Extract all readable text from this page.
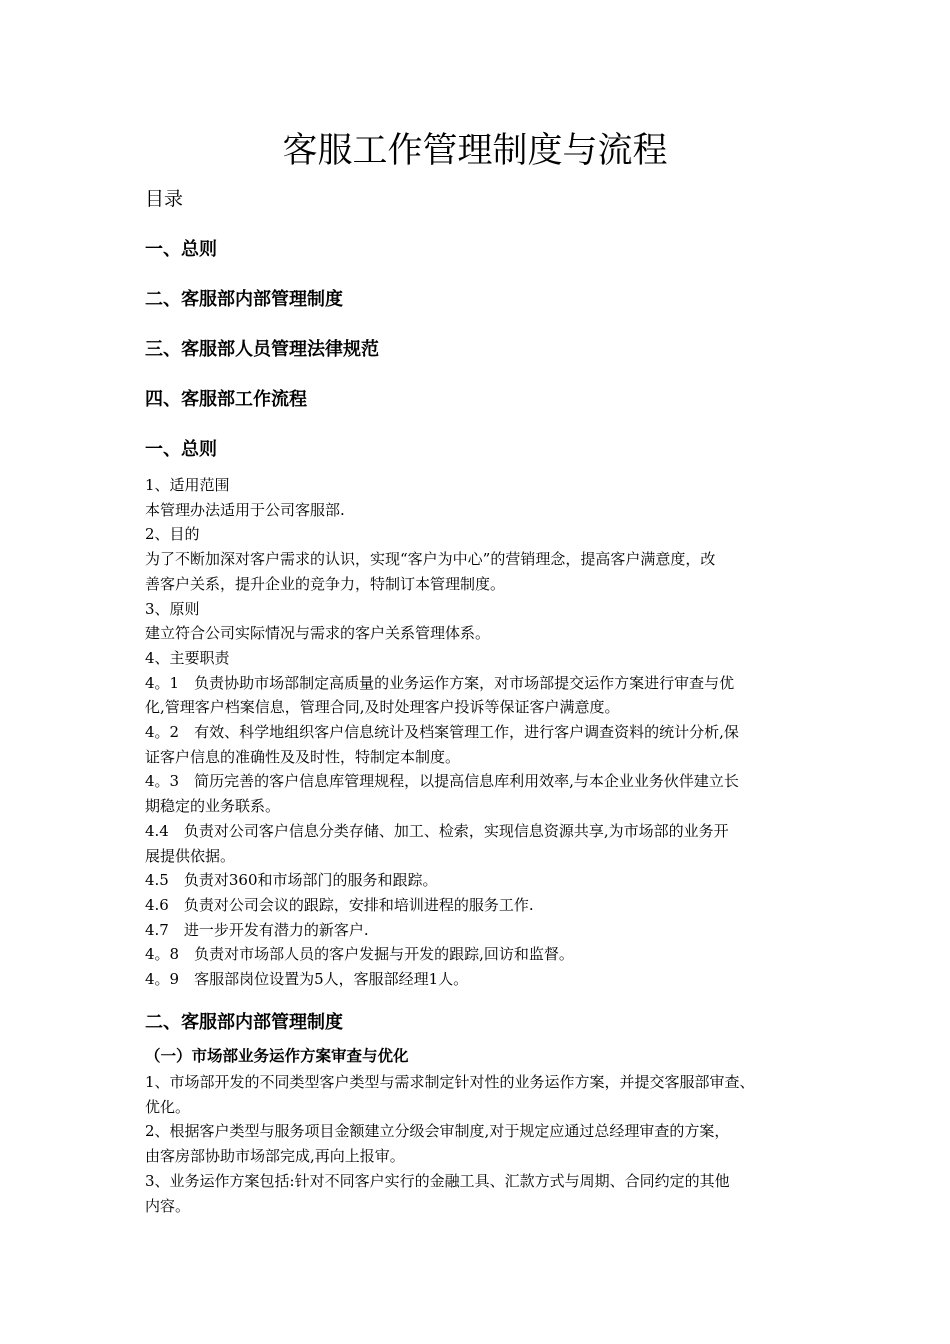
客服工作管理制度与流程
目录
一、总则
二、客服部内部管理制度
三、客服部人员管理法律规范
四、客服部工作流程
一、总则

1、适用范围

本管理办法适用于公司客服部.

2、目的

为了不断加深对客户需求的认识，实现“客户为中心”的营销理念，提高客户满意度，改

善客户关系，提升企业的竞争力，特制订本管理制度。

3、原则

建立符合公司实际情况与需求的客户关系管理体系。

4、主要职责

4。1　负责协助市场部制定高质量的业务运作方案，对市场部提交运作方案进行审查与优

化,管理客户档案信息，管理合同,及时处理客户投诉等保证客户满意度。

4。2　有效、科学地组织客户信息统计及档案管理工作，进行客户调查资料的统计分析,保

证客户信息的准确性及及时性，特制定本制度。

4。3　简历完善的客户信息库管理规程，以提高信息库利用效率,与本企业业务伙伴建立长

期稳定的业务联系。

4.4　负责对公司客户信息分类存储、加工、检索，实现信息资源共享,为市场部的业务开

展提供依据。

4.5　负责对360和市场部门的服务和跟踪。

4.6　负责对公司会议的跟踪，安排和培训进程的服务工作.

4.7　进一步开发有潜力的新客户.

4。8　负责对市场部人员的客户发掘与开发的跟踪,回访和监督。

4。9　客服部岗位设置为5人，客服部经理1人。

二、客服部内部管理制度
（一）市场部业务运作方案审查与优化

1、市场部开发的不同类型客户类型与需求制定针对性的业务运作方案，并提交客服部审查、

优化。

2、根据客户类型与服务项目金额建立分级会审制度,对于规定应通过总经理审查的方案，

由客房部协助市场部完成,再向上报审。

3、业务运作方案包括:针对不同客户实行的金融工具、汇款方式与周期、合同约定的其他

内容。
